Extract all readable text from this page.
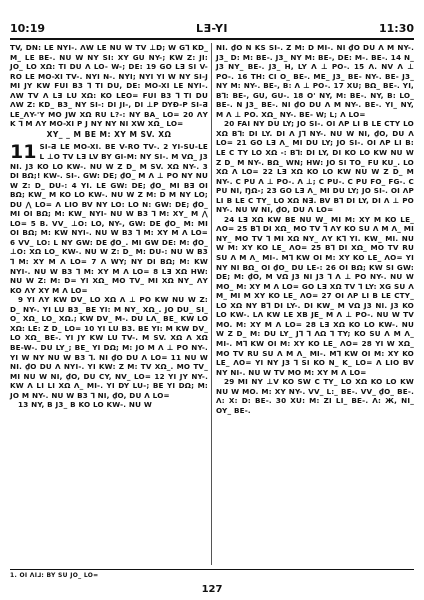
10:19	LƎ-YI	11:30

TV, DN: LE NYI-. ΛW LE NU W TV ⊥D; W G⅂ KD_ M_ LE BE-. NU W NY SI: XY GU NY-; KW Z: JI: JO_ LO XΩ: TI DU Λ LO- W-; DE: 19 GO LƎ SI V-RO LE MO-XI TV-. NYI N-. NYI; NYI YI W NY SI-J MI JY KW FUI B3 ⅂ TI DU, DE: MO-XI LE NYI-. ΛW TV Λ LƎ LU XΩ: KO LEO= FUI B3 ⅂ TI DU ΛW Z: KD_ B3_ NY SI-: DI JI-, DI ⊥P DYĐ-P SI-Ƌ LE_ΛY-'Y MO JW XΩ RU L?-: NY BA_ LO= 20 ΛY K ⅂ M ΛY MO-XI P J NY NY NI XW XΩ_ LO=

XY_ _ M BE M: XY M SV. XΩ
11 SI-Ƌ LE MO-XI. BE V-RO TV-. 2 YI-SU-LE L ⊥O TV LƎ LV BY GI-M: NY SI-. M VΩ_ J3 NI. J3 KO LO KW-. NU W Z D_ M SV. XΩ NY-. 3 DI BΩ;! KW-. SI-. GW: DE; ₫O_ M Λ ⊥ PO NY NU W Z: D_ DU-: 4 YI. LE GW: DE; ₫O_ MI BƎ OI BΩ; KW_ M KO LO KW-. NU W Z M: D M NY LO; DU ⋀ LO= Λ LIO BV NY LO: LO N: GW: DE; ₫O_ MI OI BΩ; M: KW_ NYI- NU W B3 ⅂ M: XY_ M ⋀ LO= 5 B. VV_ ⊥O: LO, NY-, GW: DE ₫O_ M: MI OI BΩ; M: KW NYI-. NU W B3 ⅂ M: XY M Λ LO= 6 VV_ LO: L NY GW: DE ₫O_. MI GW DE: M: ₫O_ ⊥O: XΩ LO_ KW-. NU W Z: D_ M: DU-: NU W B3 ⅂ M: XY M Λ LO= 7 Λ WY; NY DI BΩ; M: KW NYI-. NU W B3 ⅂ M: XY M Λ LO= 8 LƎ XΩ HW: NU W Z: M: D= YI XΩ_ MO TV_ MI XΩ NY_ ΛY KO ΛY XY M Λ LO=

9 YI ΛY KW DV_ LO XΩ Λ ⊥ PO KW NU W Z: D_ NY-. YI LU B3_ BE YI: M NY_ XΩ_. JO DU_ SI_ O_ XΩ_ LO_ XΩ.; KW DV_ M-. DU LΛ_ BE_ KW LO XΩ: LE: Z D_ LO= 10 YI LU B3. BE YI: M KW DV_ LO XΩ_ BE-. YI JY KW LU TV-. M SV. XΩ Λ XΩ BE-W-. DU LY_; BE_ YI DΩ; M: JO M Λ ⊥ PO NY-. YI W NY NU W B3 ⅂. NI ₫O DU Λ LO= 11 NU W NI. ₫O DU Λ NYI-. YI KW: Z M: TV XΩ_. MO TV_ MI NU W NI, ₫O, DU CY, NV_ LO= 12 YI JY NY-. KW Λ LI LI XΩ Λ_ MI-. YI DY LU-; BE YI DΩ; M: JO M NY-. NU W B3 ⅂ NI, ₫O, DU Λ LO=

13 NY, B J3_ B KO LO KW-. NU W

NI. ₫O N KS SI-. Z M: D MI-. NI ₫O DU Λ M NY-. J3_ D: M: BE-. J3_ NY M: BE-, DE: M-. BE-. 14 N_ J3 NY_ BE-. J3_ H, LY Λ ⊥ PO-. 15 Λ. NV Λ ⊥ PO-. 16 TH: CI O_ BE-. ME_ J3_ BE- NY-. BE- J3_ NY M: NY-. BE-, B: Λ ⊥ PO-. 17 XU; BΩ_ BE-. YI, B⅂: BE-, GU, GU-. 18 O' NY, M: BE-. NY, B: LO_ BE-. N J3_ BE-. NI ₫O DU Λ M NY-. BE-. YI_ NY, M Λ ⊥ PO. XΩ_ NY-. BE- W; L; Λ LO=

20 FAI NY DU LY; JO SI-. OI ΛP LI B LE CTY LO XΩ B⅂: DI LY. DI Λ J⅂ NY-. NU W NI, ₫O, DU Λ LO= 21 GO LƎ Λ_ MI DU LY; JO SI-. OI ΛP LI B: LE C TY LO XΩ -: B⅂: DI LY, DI KO LO KW NU W Z D_ M NY-. BΩ_ WN; HW: JO SI TO_ FU KU_. LO XΩ Λ LO= 22 LƎ XΩ KO LO KW NU W Z D_ M NY-. C PU Λ ⊥ PO-. Λ ⊥; C PU-. C PU FO_ FG-. C PU NI, ŊΩ-; 23 GO LƎ Λ_ MI DU LY; JO SI-. OI ΛP LI B LE C TY_ LO XΩ N∃. BV B⅂ DI LY, DI Λ ⊥ PO NY-. NU W NI, ₫O, DU Λ LO=

24 LƎ XΩ KW BE NU W_ MI M: XY M KO LE_ ΛO= 25 B⅂ DI XΩ_ MO TV ⅂ ΛY KO SU Λ M Λ_ MI NY_ MO TV ⅂ MI XΩ NY_ ΛY K⅂ YI. KW_ MI. NU W M: XY KO LE_ ΛO= 25 B⅂ DI XΩ_ MO TV RU SU Λ M Λ_ MI-. M⅂ KW OI M: XY KO LE_ ΛO= YI NY NI BΩ_ OI ₫O_ DU LE-: 26 OI BΩ; KW SI GW: DE; M: ₫O, M VΩ J3 NI J3 ⅂ Λ ⊥ PO NY-. NU W MO_ M: XY M Λ LO= GO LƎ XΩ TV ⅂ LY: XG SU Λ M_ MI M XY KO LE_ ΛO= 27 OI ΛP LI B LE CTY_ LO XΩ NY B⅂ DI LY-. DI KW_ M VΩ J3 NI. J3 KO LO KW-. LΛ KW LE XB JE_ M Λ ⊥ PO-. NU W TV MO. M: XY M Λ LO= 28 LƎ XΩ KO LO KW-. NU W Z D_ M: DU LY_ J⅂ ⅂ ΛΩ ⅂ TY; KO SU Λ M Λ_ MI-. M⅂ KW OI M: XY KO LE_ ΛO= 28 YI W XΩ_ MO TV RU SU Λ M Λ_ MI-. M⅂ KW OI M: XY KO LE_ ΛO= YI NY J3 ⅂ SI KO N_ K_ LO= Λ LIO BV NY NI-. NU W TV MO M: XY M Λ LO=

29 MI NY ⊥V KO SW C TY_ LO XΩ KO LO KW NU W MO. M: XY NY-. VV_ L:_ BE-. VV_ ₫O_ BE-. Λ: X: D: BE-. 30 XU: M: ZI LI_ BE-. Λ: Ж, NI_ OY_ BE-.

1. OI ΛI⅃: BY SU JO_ LO=
127
